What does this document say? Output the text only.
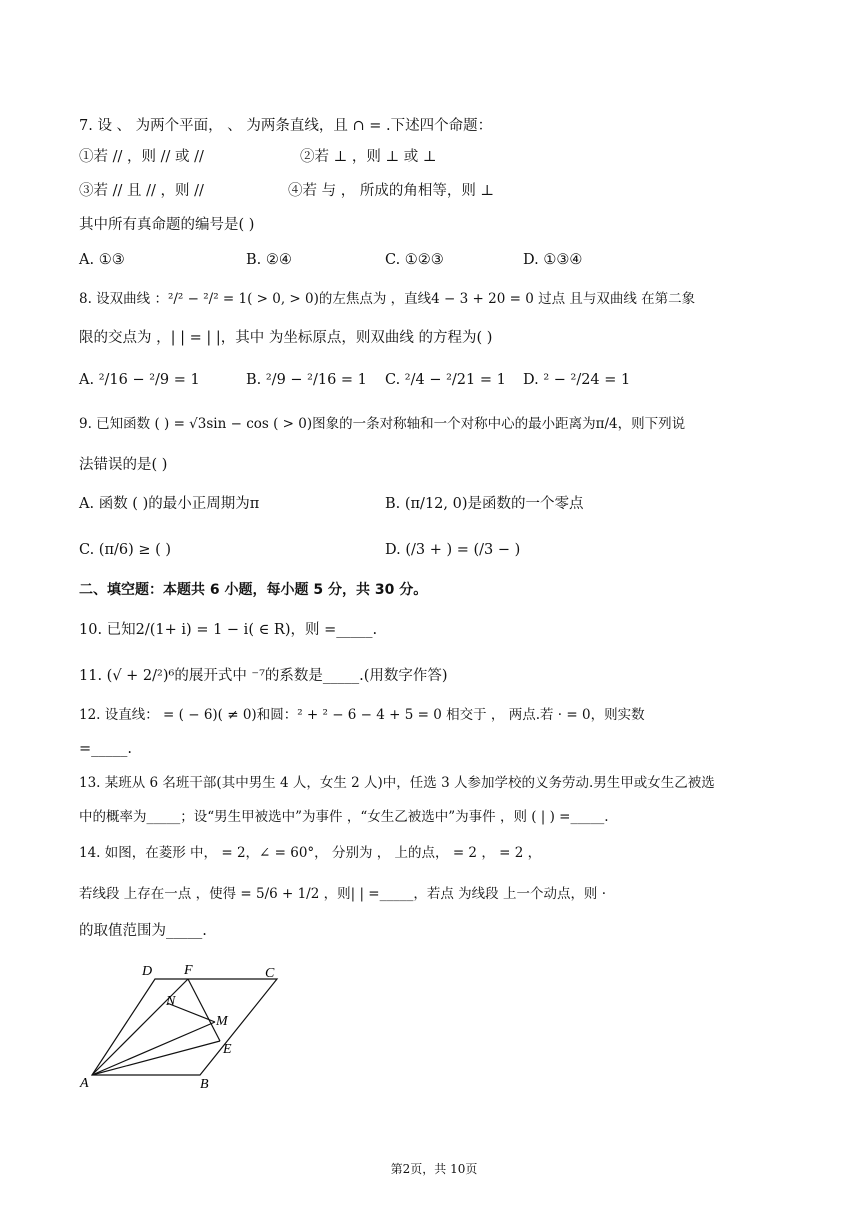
7. 设 、 为两个平面， 、 为两条直线，且 ∩ = .下述四个命题：
①若 // ，则 // 或 //	②若 ⊥ ，则 ⊥ 或 ⊥
③若 // 且 // ，则 //	④若 与 ， 所成的角相等，则 ⊥
其中所有真命题的编号是( )
A. ①③	B. ②④	C. ①②③	D. ①③④
8. 设双曲线 ：²/² − ²/² = 1( > 0, > 0)的左焦点为 ，直线4 − 3 + 20 = 0 过点 且与双曲线 在第二象
限的交点为 ，| | = | |，其中 为坐标原点，则双曲线 的方程为( )
A. ²/16 − ²/9 = 1	B. ²/9 − ²/16 = 1 C. ²/4 − ²/21 = 1 D. ² − ²/24 = 1
9. 已知函数 ( ) = √3sin − cos ( > 0)图象的一条对称轴和一个对称中心的最小距离为π/4，则下列说
法错误的是( )
A. 函数 ( )的最小正周期为π	B. (π/12, 0)是函数的一个零点
C. (π/6) ≥ ( )	D. (/3 + ) = (/3 − )
二、填空题：本题共 6 小题，每小题 5 分，共 30 分。
10. 已知2/(1+ i) = 1 − i( ∈ R)，则 =_____.
11. (√ + 2/²)⁶的展开式中 ⁻⁷的系数是_____.(用数字作答)
12. 设直线： = ( − 6)( ≠ 0)和圆：² + ² − 6 − 4 + 5 = 0 相交于 ， 两点.若 · = 0，则实数
=_____.
13. 某班从 6 名班干部(其中男生 4 人，女生 2 人)中，任选 3 人参加学校的义务劳动.男生甲或女生乙被选
中的概率为_____；设“男生甲被选中”为事件 ，“女生乙被选中”为事件 ，则 ( | ) =_____.
14. 如图，在菱形 中， = 2，∠ = 60°， 分别为 ， 上的点， = 2 ， = 2 ，
若线段 上存在一点 ，使得 = 5/6 + 1/2 ，则| | =_____，若点 为线段 上一个动点，则 ·
的取值范围为_____.
D F	C
N
M
E
A	B
第2页，共 10页
